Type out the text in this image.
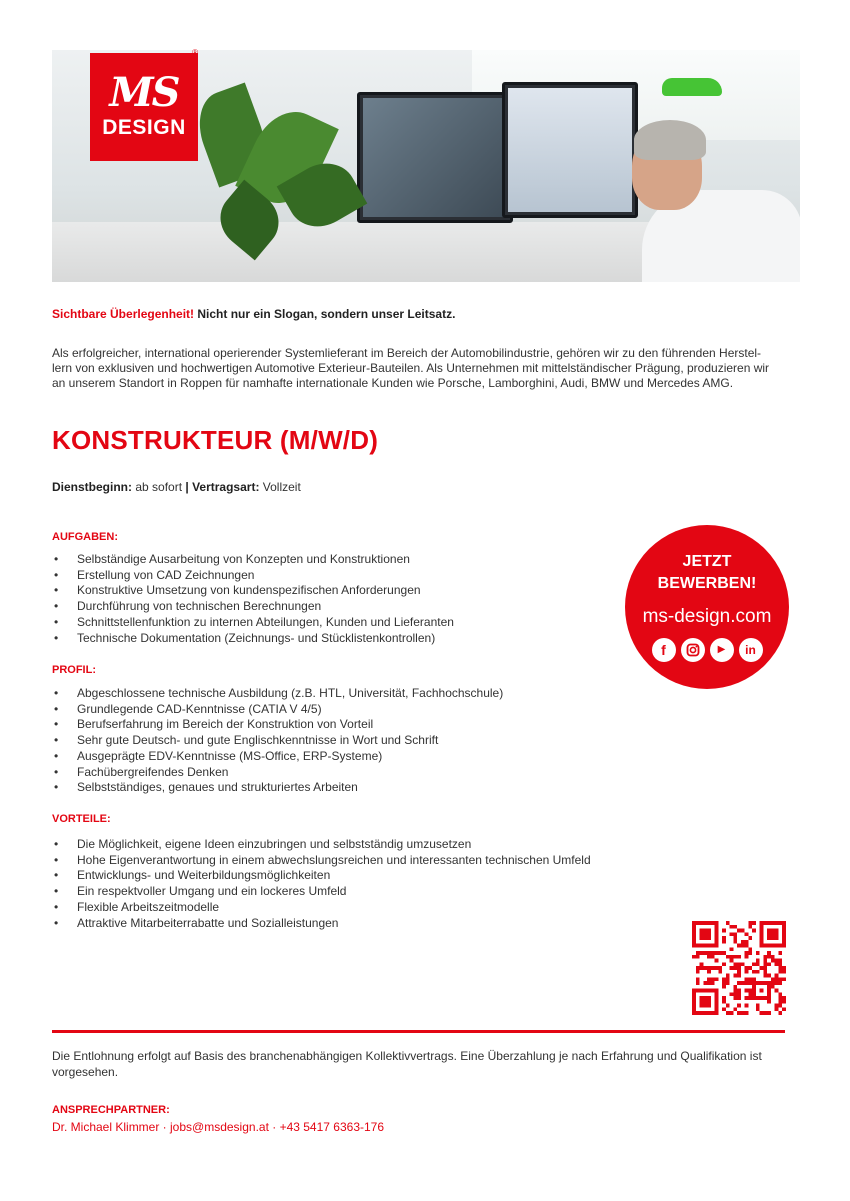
MS
DESIGN
®
Sichtbare Überlegenheit! Nicht nur ein Slogan, sondern unser Leitsatz.

Als erfolgreicher, international operierender Systemlieferant im Bereich der Automobilindustrie, gehören wir zu den führenden Herstel-lern von exklusiven und hochwertigen Automotive Exterieur-Bauteilen. Als Unternehmen mit mittelständischer Prägung, produzieren wir an unserem Standort in Roppen für namhafte internationale Kunden wie Porsche, Lamborghini, Audi, BMW und Mercedes AMG.

KONSTRUKTEUR (M/W/D)
Dienstbeginn: ab sofort | Vertragsart: Vollzeit
AUFGABEN:
• Selbständige Ausarbeitung von Konzepten und Konstruktionen
• Erstellung von CAD Zeichnungen
• Konstruktive Umsetzung von kundenspezifischen Anforderungen
• Durchführung von technischen Berechnungen
• Schnittstellenfunktion zu internen Abteilungen, Kunden und Lieferanten
• Technische Dokumentation (Zeichnungs- und Stücklistenkontrollen)
PROFIL:
• Abgeschlossene technische Ausbildung (z.B. HTL, Universität, Fachhochschule)
• Grundlegende CAD-Kenntnisse (CATIA V 4/5)
• Berufserfahrung im Bereich der Konstruktion von Vorteil
• Sehr gute Deutsch- und gute Englischkenntnisse in Wort und Schrift
• Ausgeprägte EDV-Kenntnisse (MS-Office, ERP-Systeme)
• Fachübergreifendes Denken
• Selbstständiges, genaues und strukturiertes Arbeiten
VORTEILE:
• Die Möglichkeit, eigene Ideen einzubringen und selbstständig umzusetzen
• Hohe Eigenverantwortung in einem abwechslungsreichen und interessanten technischen Umfeld
• Entwicklungs- und Weiterbildungsmöglichkeiten
• Ein respektvoller Umgang und ein lockeres Umfeld
• Flexible Arbeitszeitmodelle
• Attraktive Mitarbeiterrabatte und Sozialleistungen
JETZT
BEWERBEN!
ms-design.com
f	▶	in

Die Entlohnung erfolgt auf Basis des branchenabhängigen Kollektivvertrags. Eine Überzahlung je nach Erfahrung und Qualifikation ist vorgesehen.

ANSPRECHPARTNER:
Dr. Michael Klimmer · jobs@msdesign.at · +43 5417 6363-176
